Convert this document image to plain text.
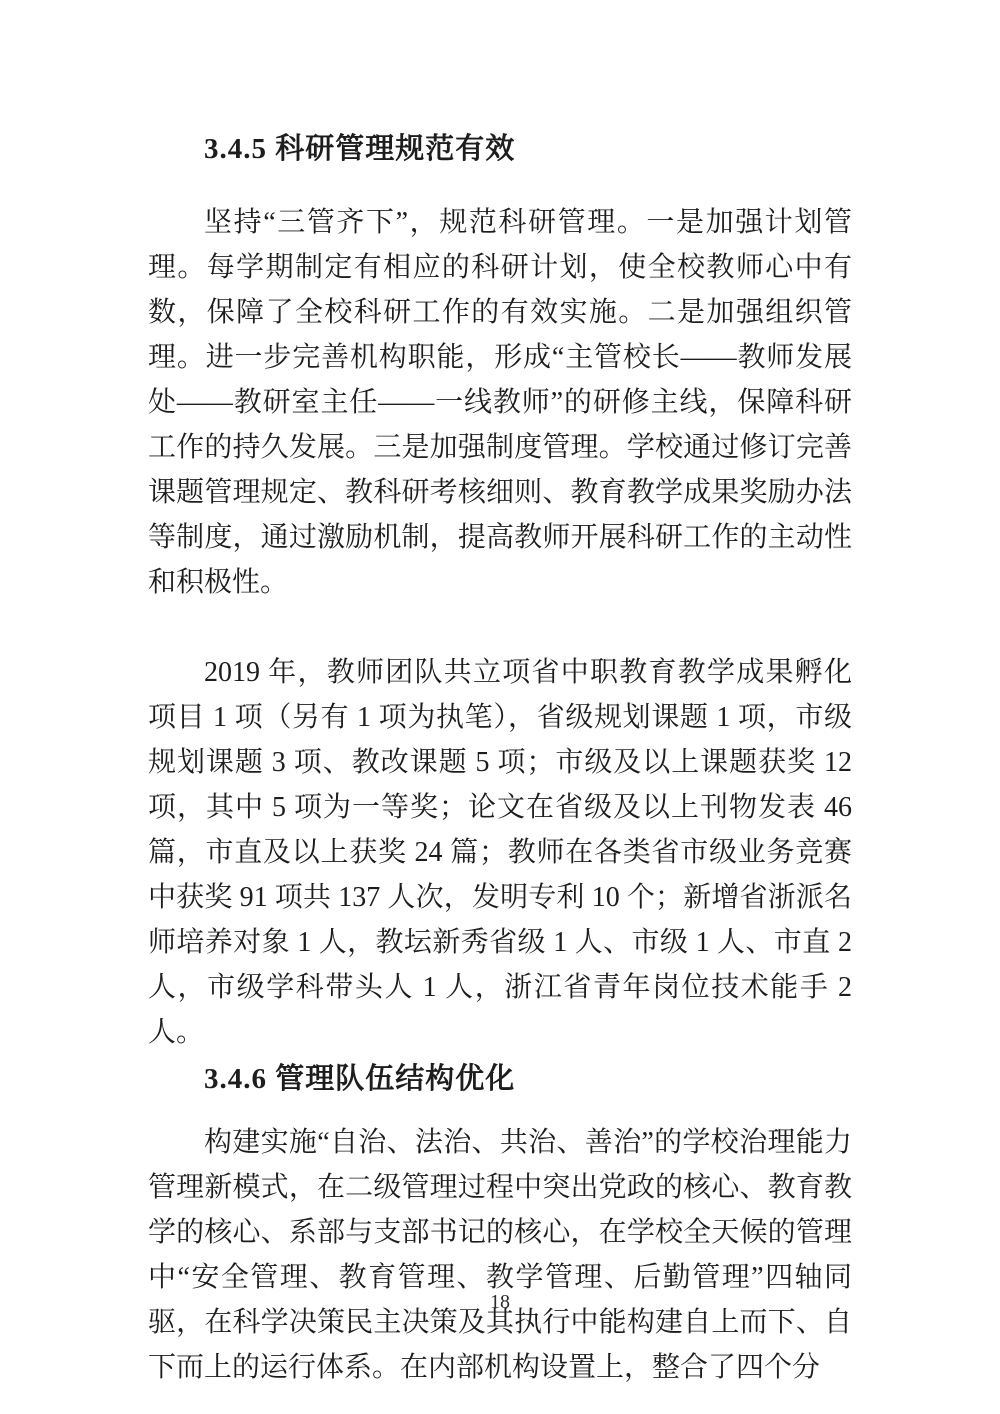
3.4.5 科研管理规范有效

坚持“三管齐下”，规范科研管理。一是加强计划管理。每学期制定有相应的科研计划，使全校教师心中有数，保障了全校科研工作的有效实施。二是加强组织管理。进一步完善机构职能，形成“主管校长——教师发展处——教研室主任——一线教师”的研修主线，保障科研工作的持久发展。三是加强制度管理。学校通过修订完善课题管理规定、教科研考核细则、教育教学成果奖励办法等制度，通过激励机制，提高教师开展科研工作的主动性和积极性。

2019 年，教师团队共立项省中职教育教学成果孵化项目 1 项（另有 1 项为执笔），省级规划课题 1 项，市级规划课题 3 项、教改课题 5 项；市级及以上课题获奖 12 项，其中 5 项为一等奖；论文在省级及以上刊物发表 46 篇，市直及以上获奖 24 篇；教师在各类省市级业务竞赛中获奖 91 项共 137 人次，发明专利 10 个；新增省浙派名师培养对象 1 人，教坛新秀省级 1 人、市级 1 人、市直 2 人，市级学科带头人 1 人，浙江省青年岗位技术能手 2 人。

3.4.6 管理队伍结构优化

构建实施“自治、法治、共治、善治”的学校治理能力管理新模式，在二级管理过程中突出党政的核心、教育教学的核心、系部与支部书记的核心，在学校全天候的管理中“安全管理、教育管理、教学管理、后勤管理”四轴同驱，在科学决策民主决策及其执行中能构建自上而下、自下而上的运行体系。在内部机构设置上，整合了四个分

18
